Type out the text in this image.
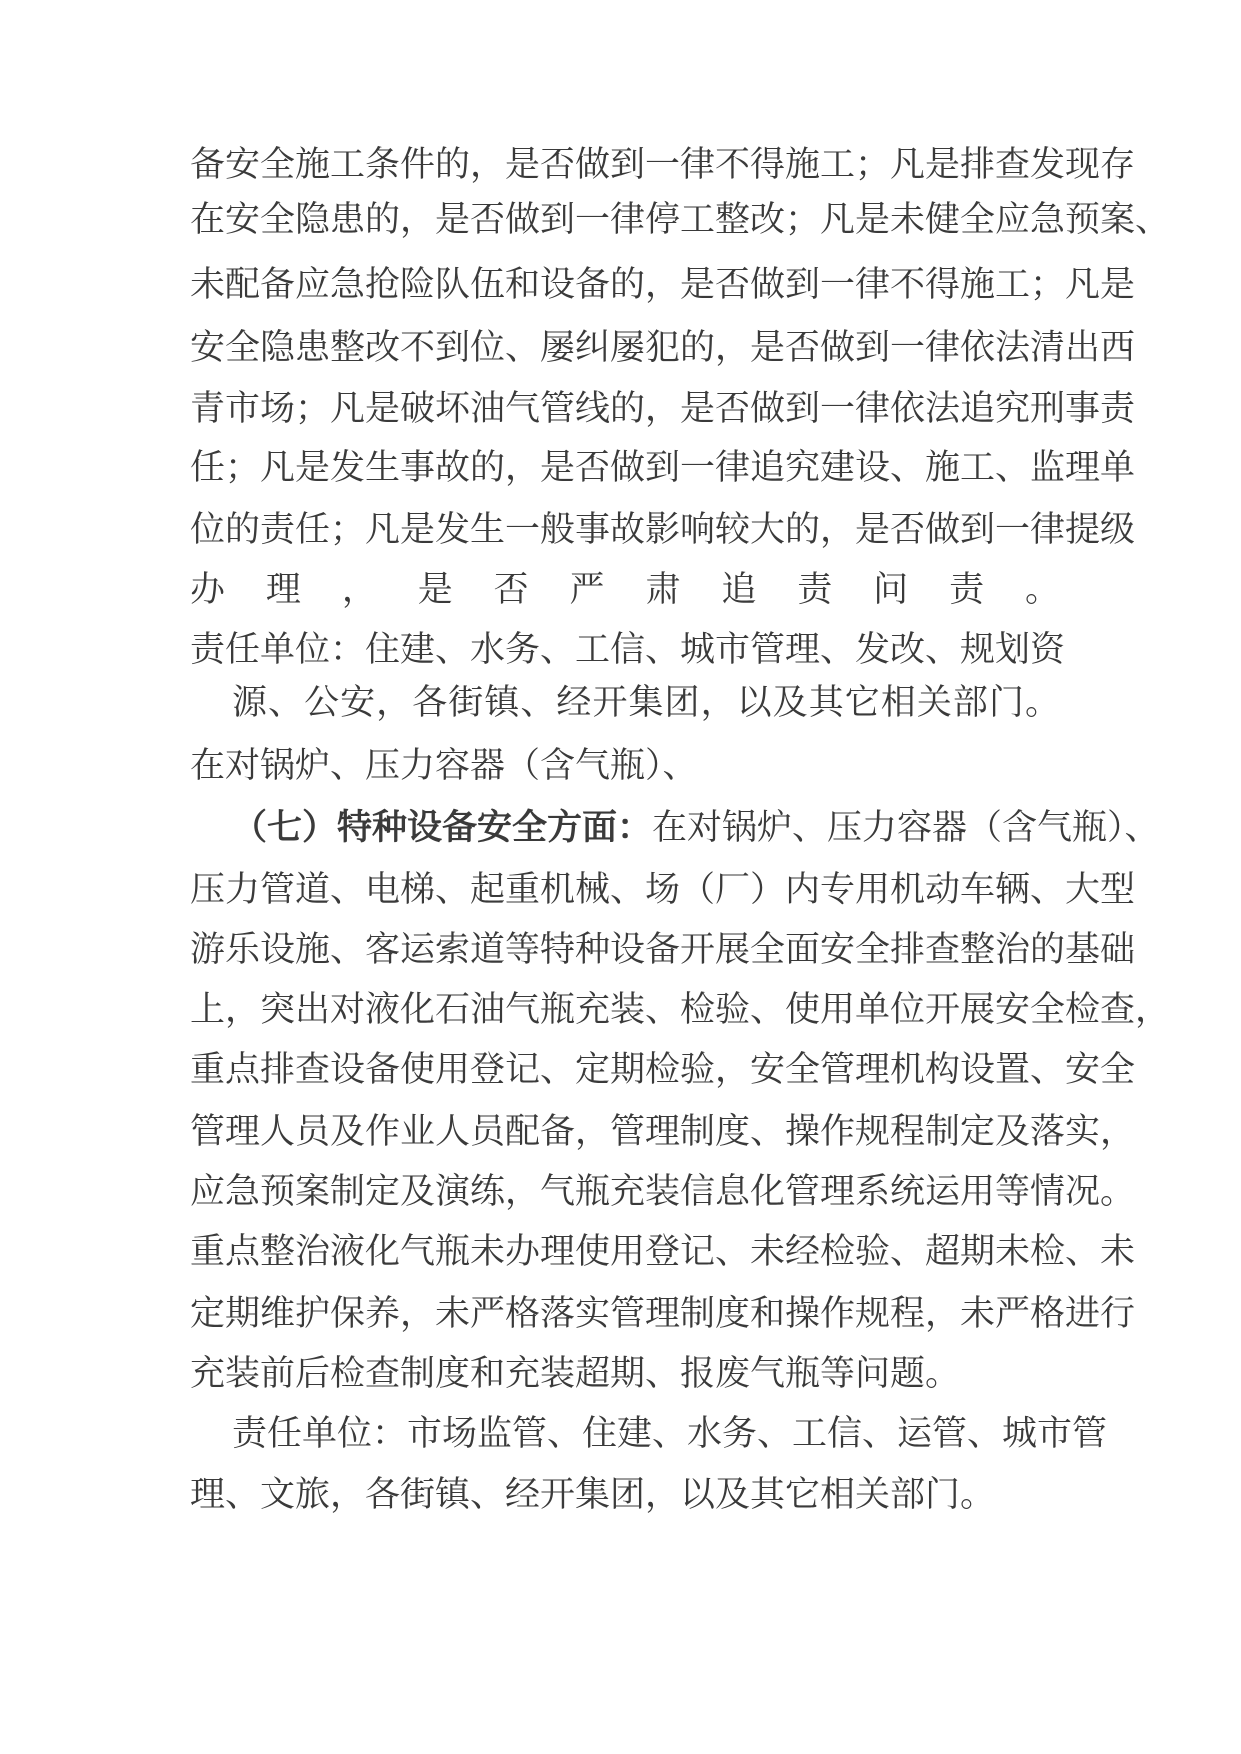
备安全施工条件的，是否做到一律不得施工；凡是排查发现存
在安全隐患的，是否做到一律停工整改；凡是未健全应急预案、
未配备应急抢险队伍和设备的，是否做到一律不得施工；凡是
安全隐患整改不到位、屡纠屡犯的，是否做到一律依法清出西
青市场；凡是破坏油气管线的，是否做到一律依法追究刑事责
任；凡是发生事故的，是否做到一律追究建设、施工、监理单
位的责任；凡是发生一般事故影响较大的，是否做到一律提级
办理，是否严肃追责问责。
责任单位：住建、水务、工信、城市管理、发改、规划资
源、公安，各街镇、经开集团，以及其它相关部门。
在对锅炉、压力容器（含气瓶）、
（七）特种设备安全方面：在对锅炉、压力容器（含气瓶）、
压力管道、电梯、起重机械、场（厂）内专用机动车辆、大型
游乐设施、客运索道等特种设备开展全面安全排查整治的基础
上，突出对液化石油气瓶充装、检验、使用单位开展安全检查，
重点排查设备使用登记、定期检验，安全管理机构设置、安全
管理人员及作业人员配备，管理制度、操作规程制定及落实，
应急预案制定及演练，气瓶充装信息化管理系统运用等情况。
重点整治液化气瓶未办理使用登记、未经检验、超期未检、未
定期维护保养，未严格落实管理制度和操作规程，未严格进行
充装前后检查制度和充装超期、报废气瓶等问题。
责任单位：市场监管、住建、水务、工信、运管、城市管
理、文旅，各街镇、经开集团，以及其它相关部门。
